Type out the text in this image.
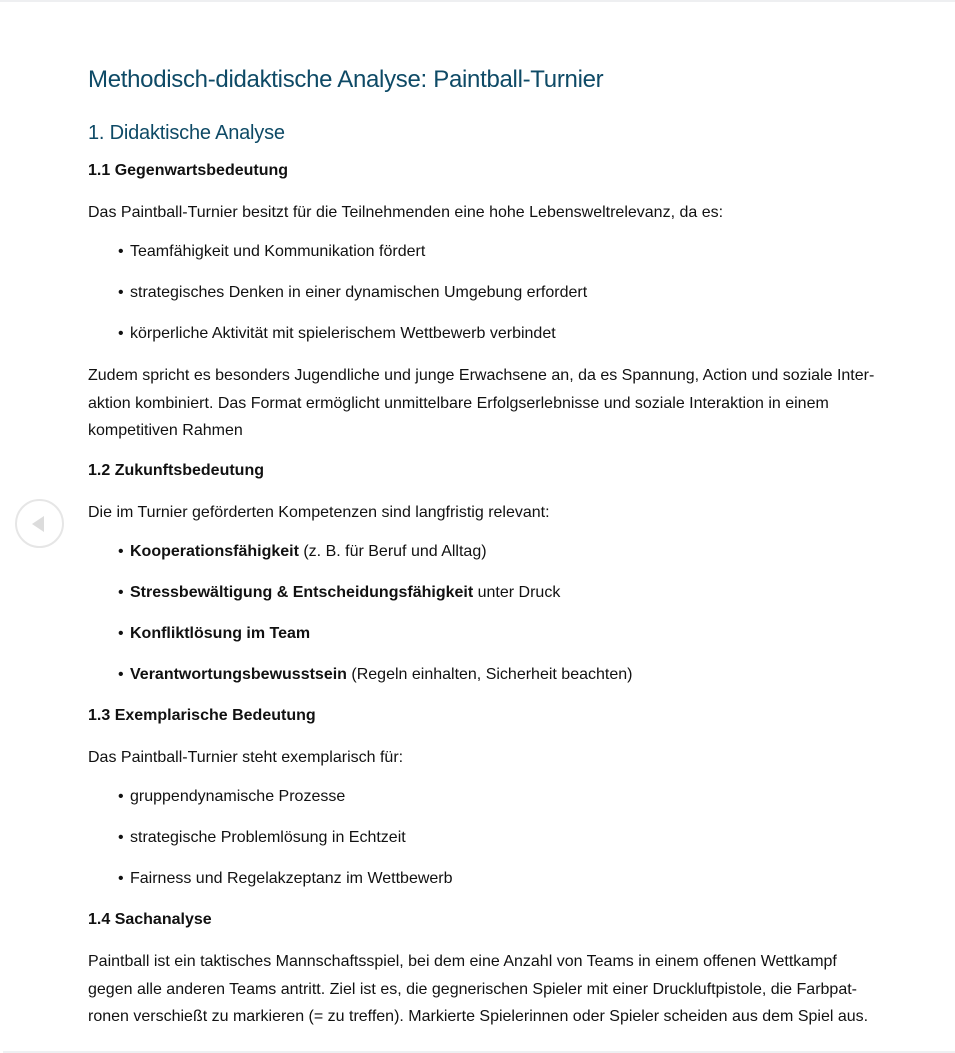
Methodisch-didaktische Analyse: Paintball-Turnier
1. Didaktische Analyse
1.1 Gegenwartsbedeutung

Das Paintball-Turnier besitzt für die Teilnehmenden eine hohe Lebensweltrelevanz, da es:

• Teamfähigkeit und Kommunikation fördert
• strategisches Denken in einer dynamischen Umgebung erfordert
• körperliche Aktivität mit spielerischem Wettbewerb verbindet
Zudem spricht es besonders Jugendliche und junge Erwachsene an, da es Spannung, Action und soziale Inter-
aktion kombiniert. Das Format ermöglicht unmittelbare Erfolgserlebnisse und soziale Interaktion in einem
kompetitiven Rahmen
1.2 Zukunftsbedeutung

Die im Turnier geförderten Kompetenzen sind langfristig relevant:

• Kooperationsfähigkeit (z. B. für Beruf und Alltag)
• Stressbewältigung & Entscheidungsfähigkeit unter Druck
• Konfliktlösung im Team
• Verantwortungsbewusstsein (Regeln einhalten, Sicherheit beachten)
1.3 Exemplarische Bedeutung

Das Paintball-Turnier steht exemplarisch für:

• gruppendynamische Prozesse
• strategische Problemlösung in Echtzeit
• Fairness und Regelakzeptanz im Wettbewerb
1.4 Sachanalyse
Paintball ist ein taktisches Mannschaftsspiel, bei dem eine Anzahl von Teams in einem offenen Wettkampf
gegen alle anderen Teams antritt. Ziel ist es, die gegnerischen Spieler mit einer Druckluftpistole, die Farbpat-
ronen verschießt zu markieren (= zu treffen). Markierte Spielerinnen oder Spieler scheiden aus dem Spiel aus.
